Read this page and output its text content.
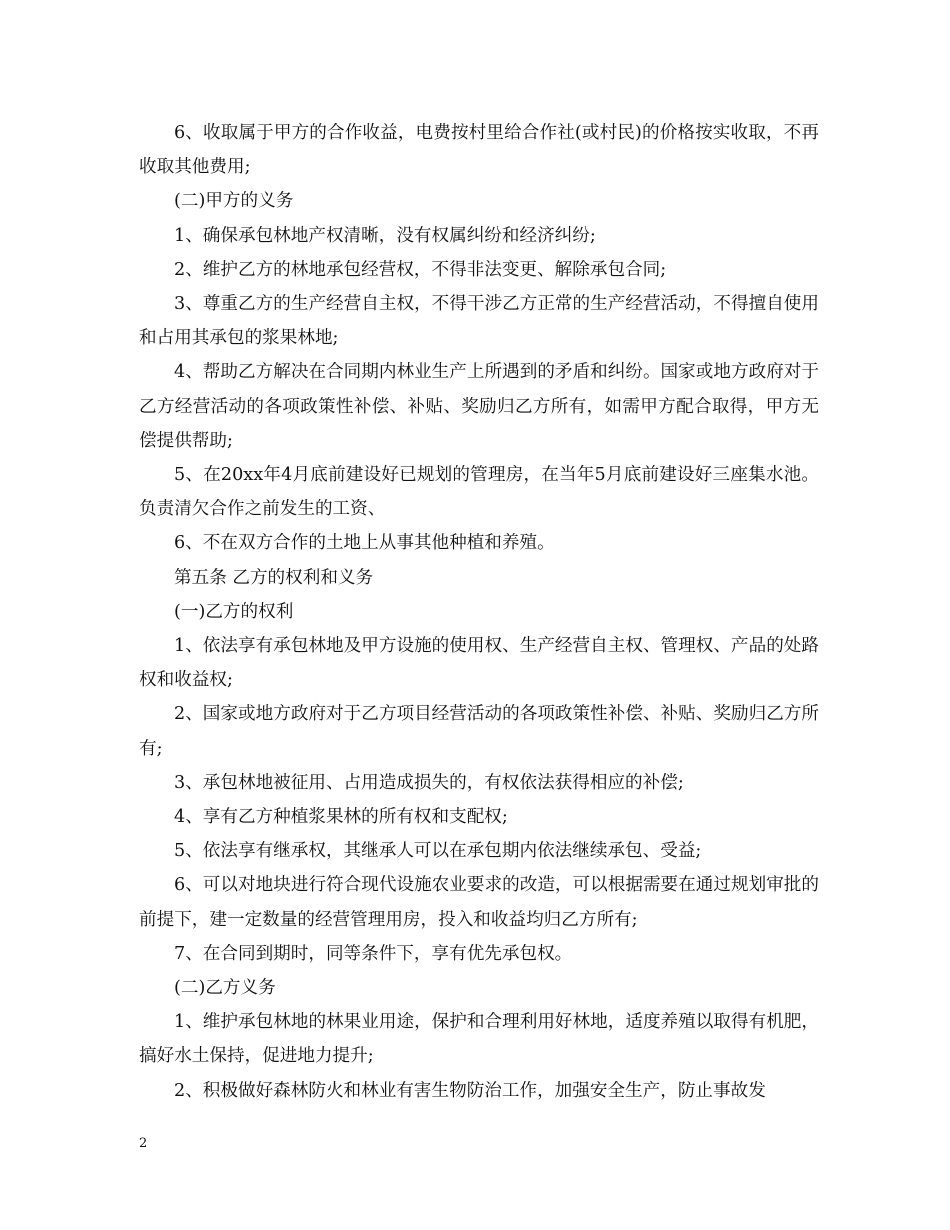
6、收取属于甲方的合作收益，电费按村里给合作社(或村民)的价格按实收取，不再收取其他费用;

(二)甲方的义务

1、确保承包林地产权清晰，没有权属纠纷和经济纠纷;

2、维护乙方的林地承包经营权，不得非法变更、解除承包合同;

3、尊重乙方的生产经营自主权，不得干涉乙方正常的生产经营活动，不得擅自使用和占用其承包的浆果林地;

4、帮助乙方解决在合同期内林业生产上所遇到的矛盾和纠纷。国家或地方政府对于乙方经营活动的各项政策性补偿、补贴、奖励归乙方所有，如需甲方配合取得，甲方无偿提供帮助;

5、在20xx年4月底前建设好已规划的管理房，在当年5月底前建设好三座集水池。负责清欠合作之前发生的工资、

6、不在双方合作的土地上从事其他种植和养殖。

第五条 乙方的权利和义务

(一)乙方的权利

1、依法享有承包林地及甲方设施的使用权、生产经营自主权、管理权、产品的处路权和收益权;

2、国家或地方政府对于乙方项目经营活动的各项政策性补偿、补贴、奖励归乙方所有;

3、承包林地被征用、占用造成损失的，有权依法获得相应的补偿;

4、享有乙方种植浆果林的所有权和支配权;

5、依法享有继承权，其继承人可以在承包期内依法继续承包、受益;

6、可以对地块进行符合现代设施农业要求的改造，可以根据需要在通过规划审批的前提下，建一定数量的经营管理用房，投入和收益均归乙方所有;

7、在合同到期时，同等条件下，享有优先承包权。

(二)乙方义务

1、维护承包林地的林果业用途，保护和合理利用好林地，适度养殖以取得有机肥，搞好水土保持，促进地力提升;

2、积极做好森林防火和林业有害生物防治工作，加强安全生产，防止事故发

2
